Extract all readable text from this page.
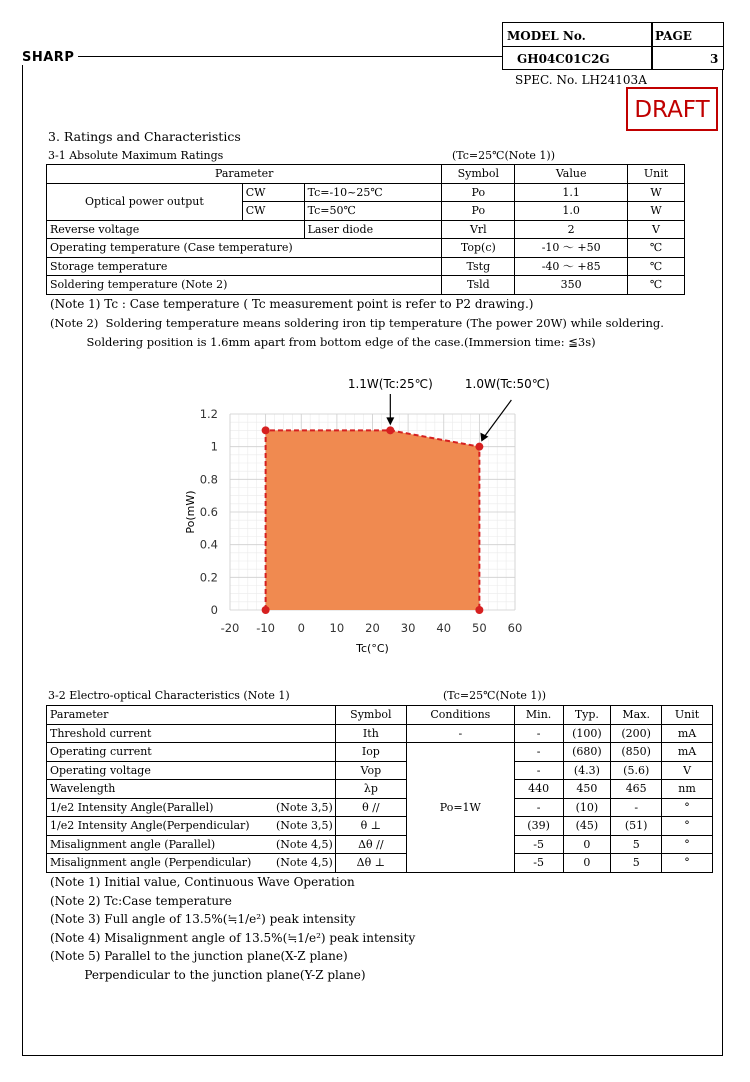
SHARP
MODEL No.	PAGE
GH04C01C2G	3
SPEC. No. LH24103A
DRAFT
3. Ratings and Characteristics
3-1 Absolute Maximum Ratings	(Tc=25℃(Note 1))
Parameter			Symbol	Value	Unit
Optical power output	CW	Tc=-10~25℃	Po	1.1	W
	CW	Tc=50℃	Po	1.0	W
Reverse voltage		Laser diode	Vrl	2	V
Operating temperature (Case temperature)			Top(c)	-10 ～ +50	℃
Storage temperature			Tstg	-40 ～ +85	℃
Soldering temperature (Note 2)			Tsld	350	℃
(Note 1) Tc : Case temperature ( Tc measurement point is refer to P2 drawing.)
(Note 2)  Soldering temperature means soldering iron tip temperature (The power 20W) while soldering.
Soldering position is 1.6mm apart from bottom edge of the case.(Immersion time: ≦3s)
-20 -10 0 10 20 30 40 50 60
0
0.2
0.4
0.6
0.8
1
1.2
Tc(°C)
Po(mW)
1.1W(Tc:25℃)	1.0W(Tc:50℃)
3-2 Electro-optical Characteristics (Note 1)	(Tc=25℃(Note 1))
Parameter	Symbol	Conditions	Min.	Typ.	Max.	Unit
Threshold current	Ith	-	-	(100)	(200)	mA
Operating current	Iop	Po=1W	-	(680)	(850)	mA
Operating voltage	Vop		-	(4.3)	(5.6)	V
Wavelength	λp		440	450	465	nm
1/e2 Intensity Angle(Parallel) (Note 3,5)	θ //		-	(10)	-	°
1/e2 Intensity Angle(Perpendicular) (Note 3,5)	θ ⊥		(39)	(45)	(51)	°
Misalignment angle (Parallel) (Note 4,5)	Δθ //		-5	0	5	°
Misalignment angle (Perpendicular) (Note 4,5)	Δθ ⊥		-5	0	5	°
(Note 1) Initial value, Continuous Wave Operation
(Note 2) Tc:Case temperature
(Note 3) Full angle of 13.5%(≒1/e²) peak intensity
(Note 4) Misalignment angle of 13.5%(≒1/e²) peak intensity
(Note 5) Parallel to the junction plane(X-Z plane)
Perpendicular to the junction plane(Y-Z plane)
